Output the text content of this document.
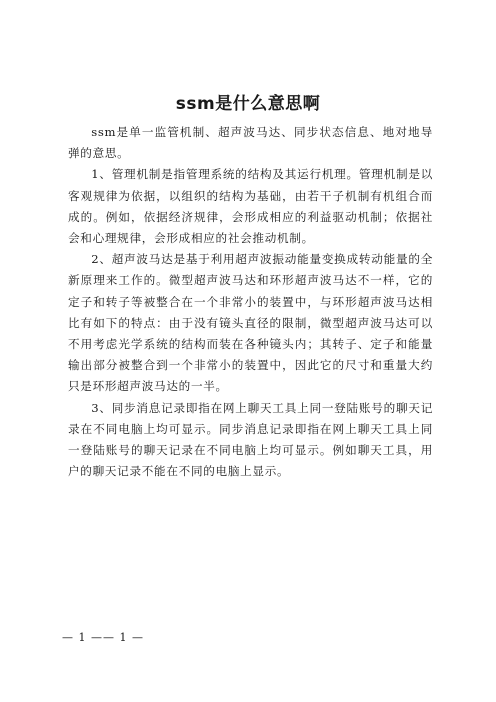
ssm是什么意思啊

ssm是单一监管机制、超声波马达、同步状态信息、地对地导弹的意思。

1、管理机制是指管理系统的结构及其运行机理。管理机制是以客观规律为依据，以组织的结构为基础，由若干子机制有机组合而成的。例如，依据经济规律，会形成相应的利益驱动机制；依据社会和心理规律，会形成相应的社会推动机制。

2、超声波马达是基于利用超声波振动能量变换成转动能量的全新原理来工作的。微型超声波马达和环形超声波马达不一样，它的定子和转子等被整合在一个非常小的装置中，与环形超声波马达相比有如下的特点：由于没有镜头直径的限制，微型超声波马达可以不用考虑光学系统的结构而装在各种镜头内；其转子、定子和能量输出部分被整合到一个非常小的装置中，因此它的尺寸和重量大约只是环形超声波马达的一半。

3、同步消息记录即指在网上聊天工具上同一登陆账号的聊天记录在不同电脑上均可显示。同步消息记录即指在网上聊天工具上同一登陆账号的聊天记录在不同电脑上均可显示。例如聊天工具，用户的聊天记录不能在不同的电脑上显示。

— 1 —— 1 —
